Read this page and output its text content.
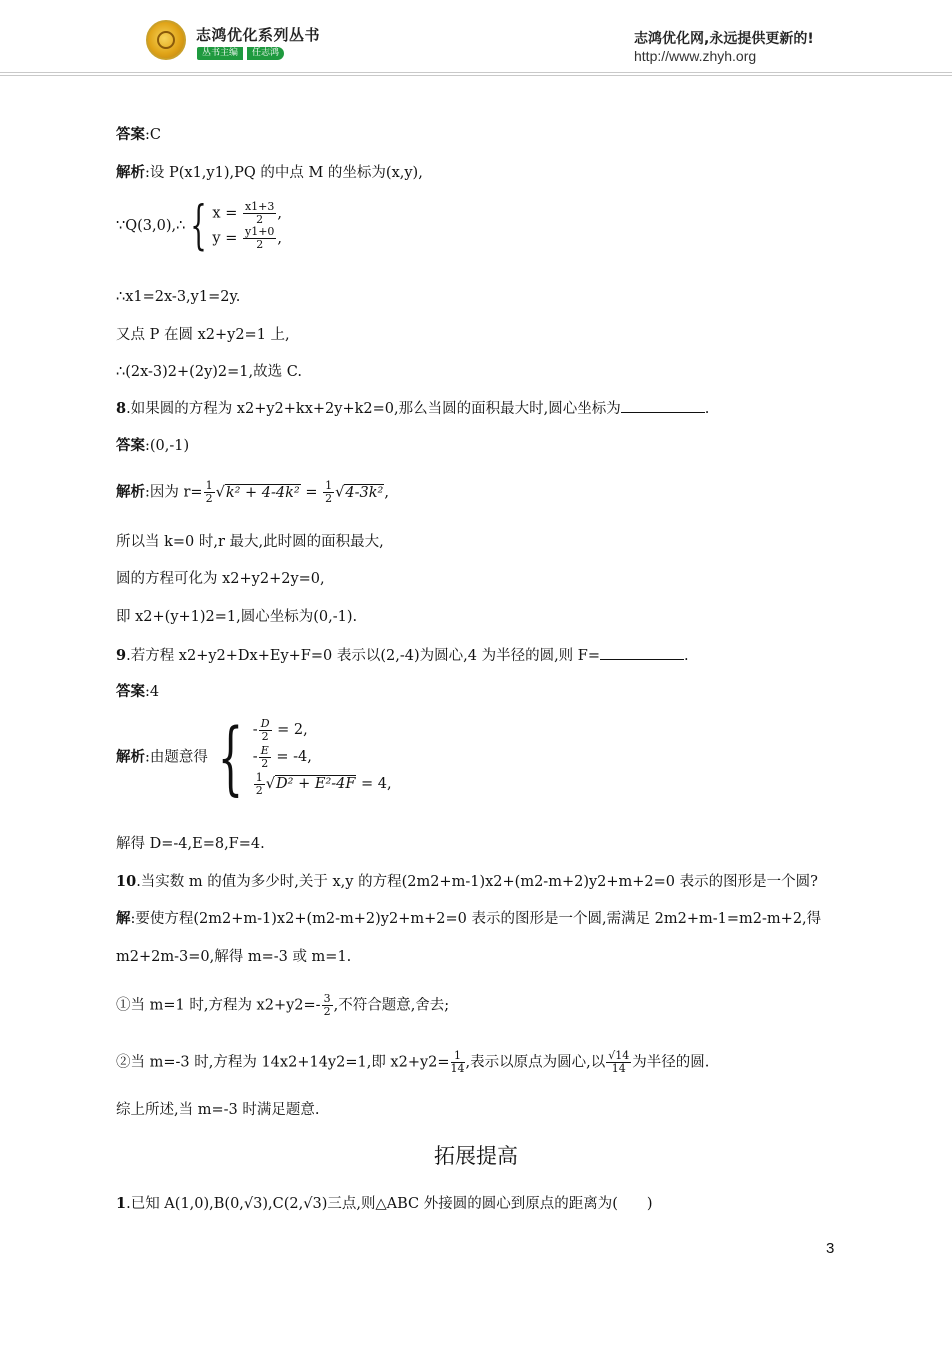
志鸿优化系列丛书
丛书主编	任志鸿
志鸿优化网,永远提供更新的!
http://www.zhyh.org
答案:C
解析:设 P(x1,y1),PQ 的中点 M 的坐标为(x,y),
∵Q(3,0),∴ { $x = \frac{x1+3}{2}$ ,
$y = \frac{y1+0}{2}$ ,
∴x1=2x-3,y1=2y.
又点 P 在圆 x2+y2=1 上,
∴(2x-3)2+(2y)2=1,故选 C.
8.如果圆的方程为 x2+y2+kx+2y+k2=0,那么当圆的面积最大时,圆心坐标为	.
答案:(0,-1)
解析:因为 $r= \frac{1}{2} √k^2 + 4-4k^2 = \frac{1}{2} √4-3k^2$,
所以当 k=0 时,r 最大,此时圆的面积最大,
圆的方程可化为 x2+y2+2y=0,
即 x2+(y+1)2=1,圆心坐标为(0,-1).
9.若方程 x2+y2+Dx+Ey+F=0 表示以(2,-4)为圆心,4 为半径的圆,则 F=	.
答案:4
解析:由题意得 {- $\frac{D}{2} = 2$,
- $\frac{E}{2} = -4$,

$\frac{1}{2} √D^2 + E^2-4F = 4$,
解得 D=-4,E=8,F=4.
10.当实数 m 的值为多少时,关于 x,y 的方程(2m2+m-1)x2+(m2-m+2)y2+m+2=0 表示的图形是一个圆?
解:要使方程(2m2+m-1)x2+(m2-m+2)y2+m+2=0 表示的图形是一个圆,需满足 2m2+m-1=m2-m+2,得
m2+2m-3=0,解得 m=-3 或 m=1.
①当 m=1 时,方程为 $x2+y2=- \frac{3}{2}$ ,不符合题意,舍去;
②当 m=-3 时,方程为 14x2+14y2=1,即 $x2+y2= \frac{1}{14}$ ,表示以原点为圆心,以 $\frac{√14}{14}$ 为半径的圆.
综上所述,当 m=-3 时满足题意.
拓展提高
1.已知 A(1,0),B(0,√3),C(2,√3)三点,则△ABC 外接圆的圆心到原点的距离为(　　)
3
